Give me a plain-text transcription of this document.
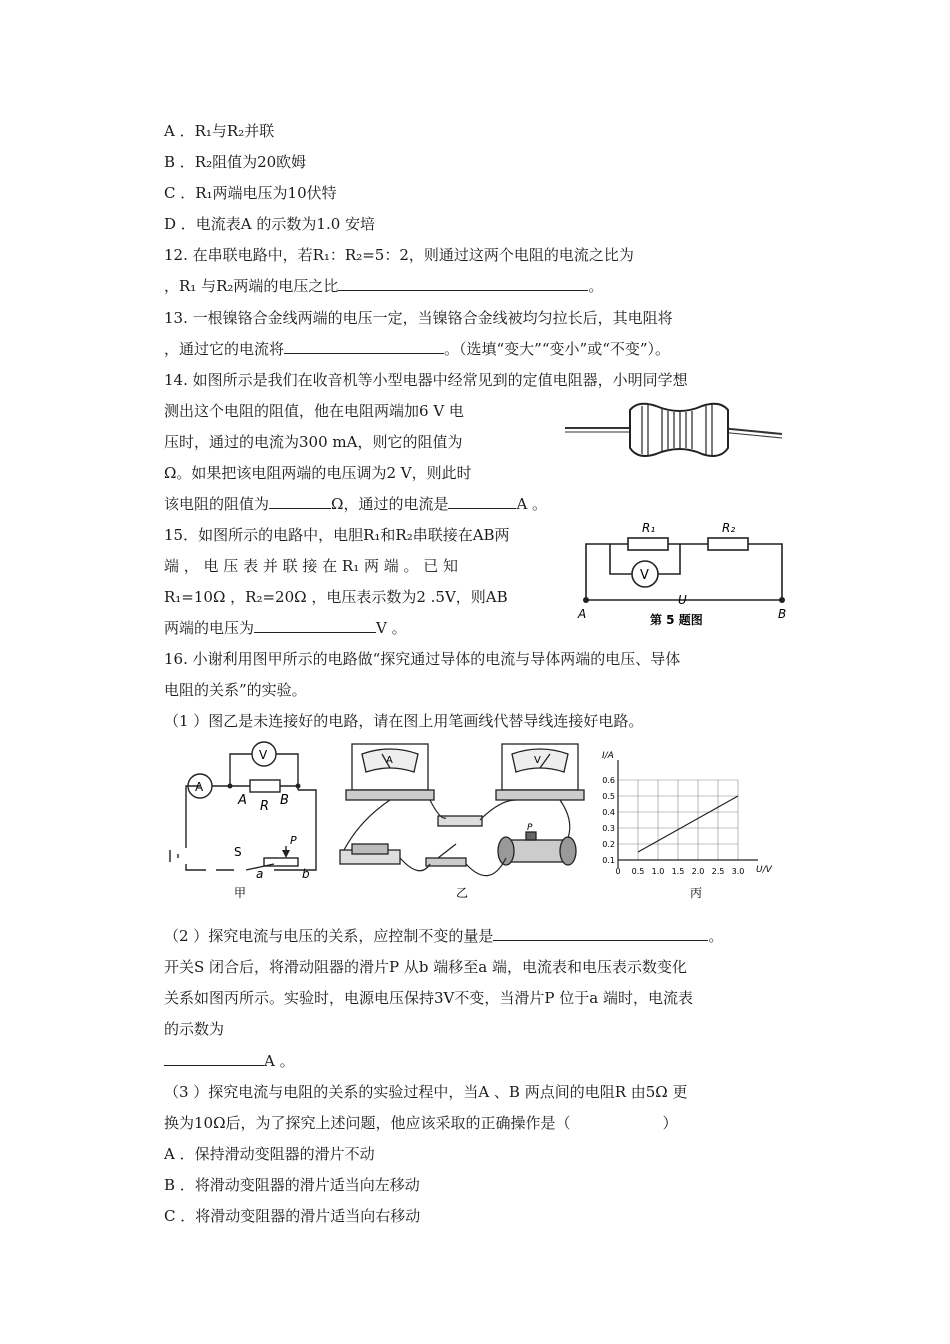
A ．R₁与R₂并联
B ．R₂阻值为20欧姆
C ．R₁两端电压为10伏特
D ．电流表A 的示数为1.0 安培
12. 在串联电路中，若R₁：R₂=5：2，则通过这两个电阻的电流之比为
，R₁ 与R₂两端的电压之比	。
13. 一根镍铬合金线两端的电压一定，当镍铬合金线被均匀拉长后，其电阻将
，通过它的电流将	。（选填“变大”“变小”或“不变”）。
14. 如图所示是我们在收音机等小型电器中经常见到的定值电阻器，小明同学想
测出这个电阻的阻值，他在电阻两端加6 V 电
压时，通过的电流为300 mA，则它的阻值为
Ω。如果把该电阻两端的电压调为2 V，则此时
该电阻的阻值为	Ω，通过的电流是	A 。
15．如图所示的电路中，电胆R₁和R₂串联接在AB两
端 ， 电 压 表 并 联 接 在 R₁ 两 端 。 已 知
R₁=10Ω ，R₂=20Ω ，电压表示数为2 .5V，则AB
两端的电压为	V 。
R₁	R₂
V
A	B
U
第 5 题图
16. 小谢利用图甲所示的电路做“探究通过导体的电流与导体两端的电压、导体
电阻的关系”的实验。
（1 ）图乙是未连接好的电路，请在图上用笔画线代替导线连接好电路。
A
V
A R B
S
P
a	b
甲
A	V
P
乙
I/A
U/V
0.6
0.5
0.4
0.3
0.2
0.1
0 0.5 1.0 1.5 2.0 2.5 3.0
丙
（2 ）探究电流与电压的关系，应控制不变的量是	。
开关S 闭合后，将滑动阻器的滑片P 从b 端移至a 端，电流表和电压表示数变化
关系如图丙所示。实验时，电源电压保持3V不变，当滑片P 位于a 端时，电流表
的示数为
A 。
（3 ）探究电流与电阻的关系的实验过程中，当A 、B 两点间的电阻R 由5Ω 更
换为10Ω后，为了探究上述问题，他应该采取的正确操作是（	）
A ．保持滑动变阻器的滑片不动
B ．将滑动变阻器的滑片适当向左移动
C ．将滑动变阻器的滑片适当向右移动
